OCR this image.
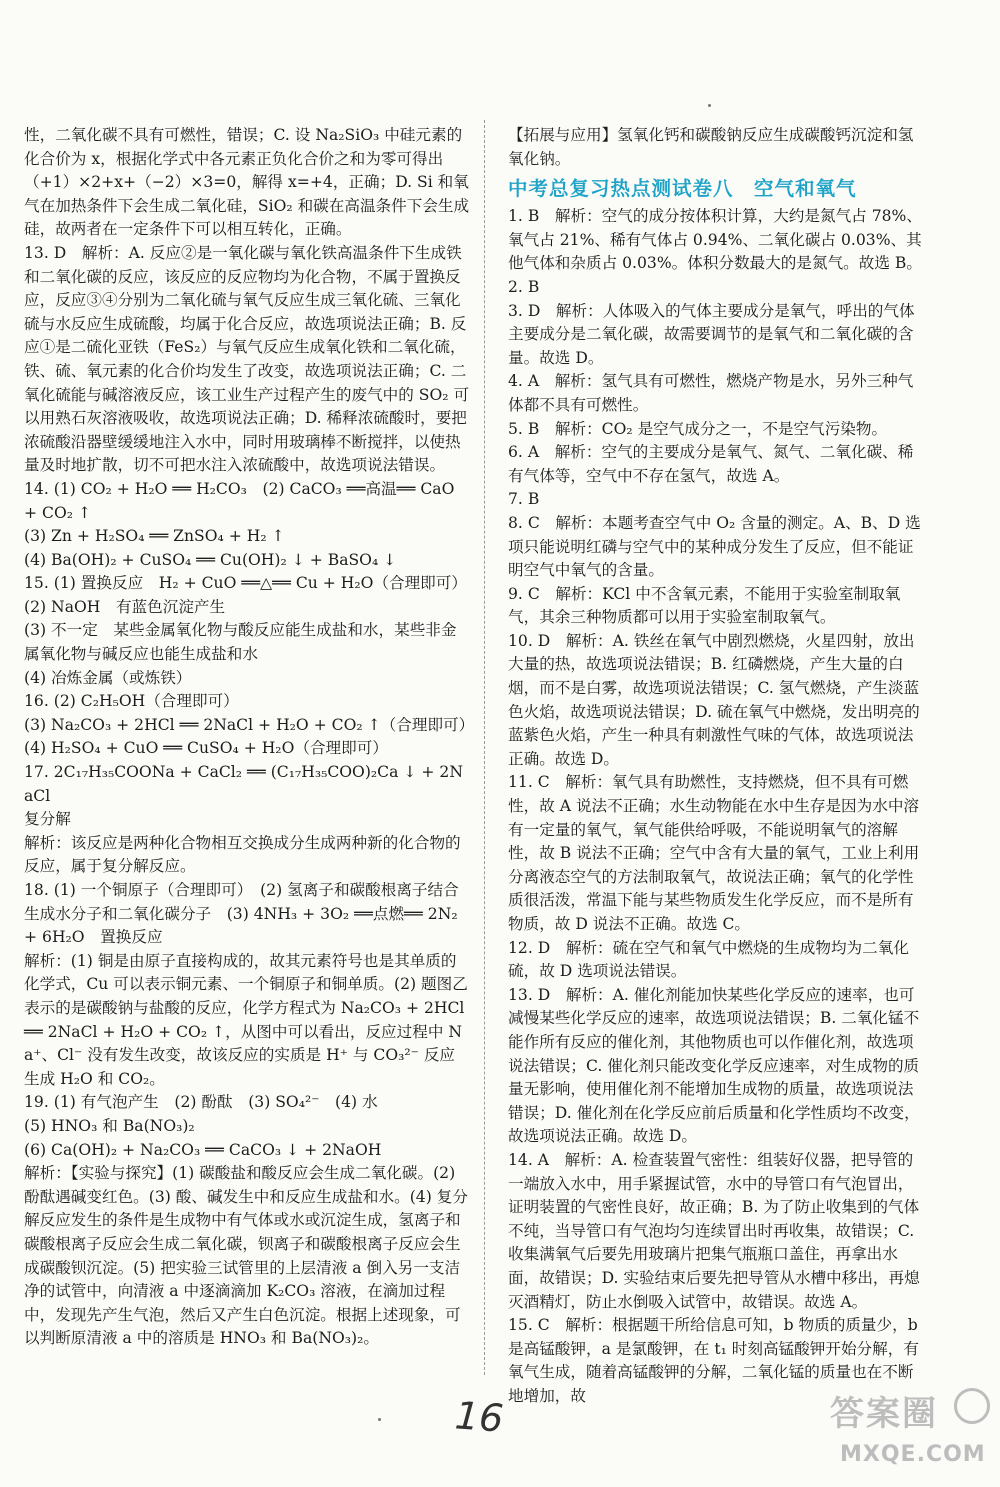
性，二氧化碳不具有可燃性，错误；C. 设 Na₂SiO₃ 中硅元素的化合价为 x，根据化学式中各元素正负化合价之和为零可得出（+1）×2+x+（−2）×3=0，解得 x=+4，正确；D. Si 和氧气在加热条件下会生成二氧化硅，SiO₂ 和碳在高温条件下会生成硅，故两者在一定条件下可以相互转化，正确。

13. D　解析：A. 反应②是一氧化碳与氧化铁高温条件下生成铁和二氧化碳的反应，该反应的反应物均为化合物，不属于置换反应，反应③④分别为二氧化硫与氧气反应生成三氧化硫、三氧化硫与水反应生成硫酸，均属于化合反应，故选项说法正确；B. 反应①是二硫化亚铁（FeS₂）与氧气反应生成氧化铁和二氧化硫，铁、硫、氧元素的化合价均发生了改变，故选项说法正确；C. 二氧化硫能与碱溶液反应，该工业生产过程产生的废气中的 SO₂ 可以用熟石灰溶液吸收，故选项说法正确；D. 稀释浓硫酸时，要把浓硫酸沿器壁缓缓地注入水中，同时用玻璃棒不断搅拌，以使热量及时地扩散，切不可把水注入浓硫酸中，故选项说法错误。

14. (1) CO₂ + H₂O ══ H₂CO₃　(2) CaCO₃ ══高温══ CaO + CO₂ ↑

(3) Zn + H₂SO₄ ══ ZnSO₄ + H₂ ↑

(4) Ba(OH)₂ + CuSO₄ ══ Cu(OH)₂ ↓ + BaSO₄ ↓

15. (1) 置换反应　H₂ + CuO ══△══ Cu + H₂O（合理即可）

(2) NaOH　有蓝色沉淀产生

(3) 不一定　某些金属氧化物与酸反应能生成盐和水，某些非金属氧化物与碱反应也能生成盐和水

(4) 冶炼金属（或炼铁）

16. (2) C₂H₅OH（合理即可）

(3) Na₂CO₃ + 2HCl ══ 2NaCl + H₂O + CO₂ ↑（合理即可）

(4) H₂SO₄ + CuO ══ CuSO₄ + H₂O（合理即可）

17. 2C₁₇H₃₅COONa + CaCl₂ ══ (C₁₇H₃₅COO)₂Ca ↓ + 2NaCl

复分解

解析：该反应是两种化合物相互交换成分生成两种新的化合物的反应，属于复分解反应。

18. (1) 一个铜原子（合理即可）　(2) 氢离子和碳酸根离子结合生成水分子和二氧化碳分子　(3) 4NH₃ + 3O₂ ══点燃══ 2N₂ + 6H₂O　置换反应

解析：(1) 铜是由原子直接构成的，故其元素符号也是其单质的化学式，Cu 可以表示铜元素、一个铜原子和铜单质。(2) 题图乙表示的是碳酸钠与盐酸的反应，化学方程式为 Na₂CO₃ + 2HCl ══ 2NaCl + H₂O + CO₂ ↑，从图中可以看出，反应过程中 Na⁺、Cl⁻ 没有发生改变，故该反应的实质是 H⁺ 与 CO₃²⁻ 反应生成 H₂O 和 CO₂。

19. (1) 有气泡产生　(2) 酚酞　(3) SO₄²⁻　(4) 水

(5) HNO₃ 和 Ba(NO₃)₂

(6) Ca(OH)₂ + Na₂CO₃ ══ CaCO₃ ↓ + 2NaOH

解析：【实验与探究】(1) 碳酸盐和酸反应会生成二氧化碳。(2) 酚酞遇碱变红色。(3) 酸、碱发生中和反应生成盐和水。(4) 复分解反应发生的条件是生成物中有气体或水或沉淀生成，氢离子和碳酸根离子反应会生成二氧化碳，钡离子和碳酸根离子反应会生成碳酸钡沉淀。(5) 把实验三试管里的上层清液 a 倒入另一支洁净的试管中，向清液 a 中逐滴滴加 K₂CO₃ 溶液，在滴加过程中，发现先产生气泡，然后又产生白色沉淀。根据上述现象，可以判断原清液 a 中的溶质是 HNO₃ 和 Ba(NO₃)₂。

【拓展与应用】氢氧化钙和碳酸钠反应生成碳酸钙沉淀和氢氧化钠。

中考总复习热点测试卷八　空气和氧气

1. B　解析：空气的成分按体积计算，大约是氮气占 78%、氧气占 21%、稀有气体占 0.94%、二氧化碳占 0.03%、其他气体和杂质占 0.03%。体积分数最大的是氮气。故选 B。

2. B

3. D　解析：人体吸入的气体主要成分是氧气，呼出的气体主要成分是二氧化碳，故需要调节的是氧气和二氧化碳的含量。故选 D。

4. A　解析：氢气具有可燃性，燃烧产物是水，另外三种气体都不具有可燃性。

5. B　解析：CO₂ 是空气成分之一，不是空气污染物。

6. A　解析：空气的主要成分是氧气、氮气、二氧化碳、稀有气体等，空气中不存在氢气，故选 A。

7. B

8. C　解析：本题考查空气中 O₂ 含量的测定。A、B、D 选项只能说明红磷与空气中的某种成分发生了反应，但不能证明空气中氧气的含量。

9. C　解析：KCl 中不含氧元素，不能用于实验室制取氧气，其余三种物质都可以用于实验室制取氧气。

10. D　解析：A. 铁丝在氧气中剧烈燃烧，火星四射，放出大量的热，故选项说法错误；B. 红磷燃烧，产生大量的白烟，而不是白雾，故选项说法错误；C. 氢气燃烧，产生淡蓝色火焰，故选项说法错误；D. 硫在氧气中燃烧，发出明亮的蓝紫色火焰，产生一种具有刺激性气味的气体，故选项说法正确。故选 D。

11. C　解析：氧气具有助燃性，支持燃烧，但不具有可燃性，故 A 说法不正确；水生动物能在水中生存是因为水中溶有一定量的氧气，氧气能供给呼吸，不能说明氧气的溶解性，故 B 说法不正确；空气中含有大量的氧气，工业上利用分离液态空气的方法制取氧气，故说法正确；氧气的化学性质很活泼，常温下能与某些物质发生化学反应，而不是所有物质，故 D 说法不正确。故选 C。

12. D　解析：硫在空气和氧气中燃烧的生成物均为二氧化硫，故 D 选项说法错误。

13. D　解析：A. 催化剂能加快某些化学反应的速率，也可减慢某些化学反应的速率，故选项说法错误；B. 二氧化锰不能作所有反应的催化剂，其他物质也可以作催化剂，故选项说法错误；C. 催化剂只能改变化学反应速率，对生成物的质量无影响，使用催化剂不能增加生成物的质量，故选项说法错误；D. 催化剂在化学反应前后质量和化学性质均不改变，故选项说法正确。故选 D。

14. A　解析：A. 检查装置气密性：组装好仪器，把导管的一端放入水中，用手紧握试管，水中的导管口有气泡冒出，证明装置的气密性良好，故正确；B. 为了防止收集到的气体不纯，当导管口有气泡均匀连续冒出时再收集，故错误；C. 收集满氧气后要先用玻璃片把集气瓶瓶口盖住，再拿出水面，故错误；D. 实验结束后要先把导管从水槽中移出，再熄灭酒精灯，防止水倒吸入试管中，故错误。故选 A。

15. C　解析：根据题干所给信息可知，b 物质的质量少，b 是高锰酸钾，a 是氯酸钾，在 t₁ 时刻高锰酸钾开始分解，有氧气生成，随着高锰酸钾的分解，二氧化锰的质量也在不断地增加，故

16	答案圈
MXQE.COM
